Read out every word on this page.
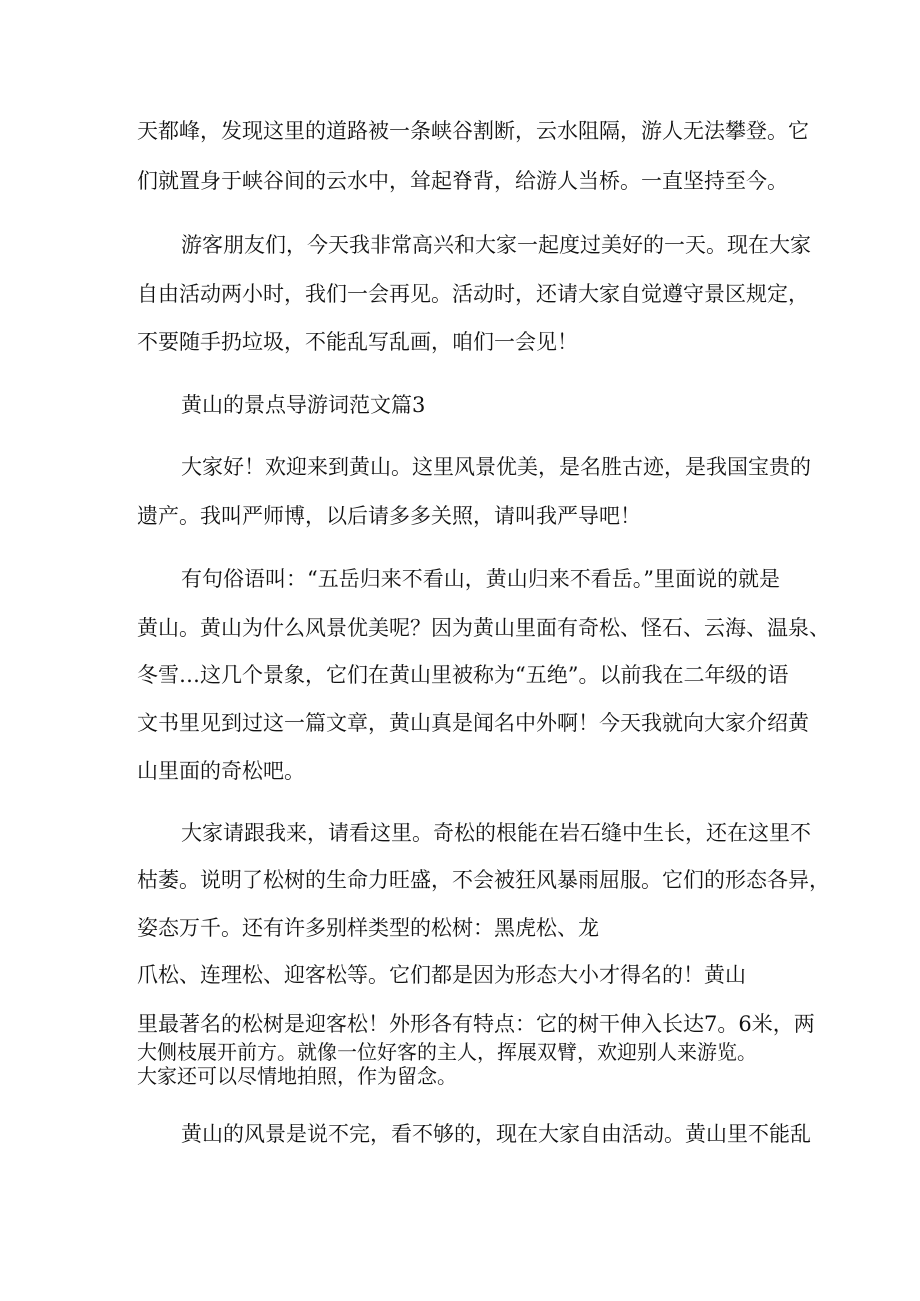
天都峰，发现这里的道路被一条峡谷割断，云水阻隔，游人无法攀登。它
们就置身于峡谷间的云水中，耸起脊背，给游人当桥。一直坚持至今。
游客朋友们，今天我非常高兴和大家一起度过美好的一天。现在大家
自由活动两小时，我们一会再见。活动时，还请大家自觉遵守景区规定，
不要随手扔垃圾，不能乱写乱画，咱们一会见！
黄山的景点导游词范文篇3
大家好！欢迎来到黄山。这里风景优美，是名胜古迹，是我国宝贵的
遗产。我叫严师博，以后请多多关照，请叫我严导吧！
有句俗语叫：“五岳归来不看山，黄山归来不看岳。”里面说的就是
黄山。黄山为什么风景优美呢？因为黄山里面有奇松、怪石、云海、温泉、
冬雪…这几个景象，它们在黄山里被称为“五绝”。以前我在二年级的语
文书里见到过这一篇文章，黄山真是闻名中外啊！今天我就向大家介绍黄
山里面的奇松吧。
大家请跟我来，请看这里。奇松的根能在岩石缝中生长，还在这里不
枯萎。说明了松树的生命力旺盛，不会被狂风暴雨屈服。它们的形态各异，
姿态万千。还有许多别样类型的松树：黑虎松、龙
爪松、连理松、迎客松等。它们都是因为形态大小才得名的！黄山
里最著名的松树是迎客松！外形各有特点：它的树干伸入长达7。6米，两
大侧枝展开前方。就像一位好客的主人，挥展双臂，欢迎别人来游览。
大家还可以尽情地拍照，作为留念。
黄山的风景是说不完，看不够的，现在大家自由活动。黄山里不能乱
